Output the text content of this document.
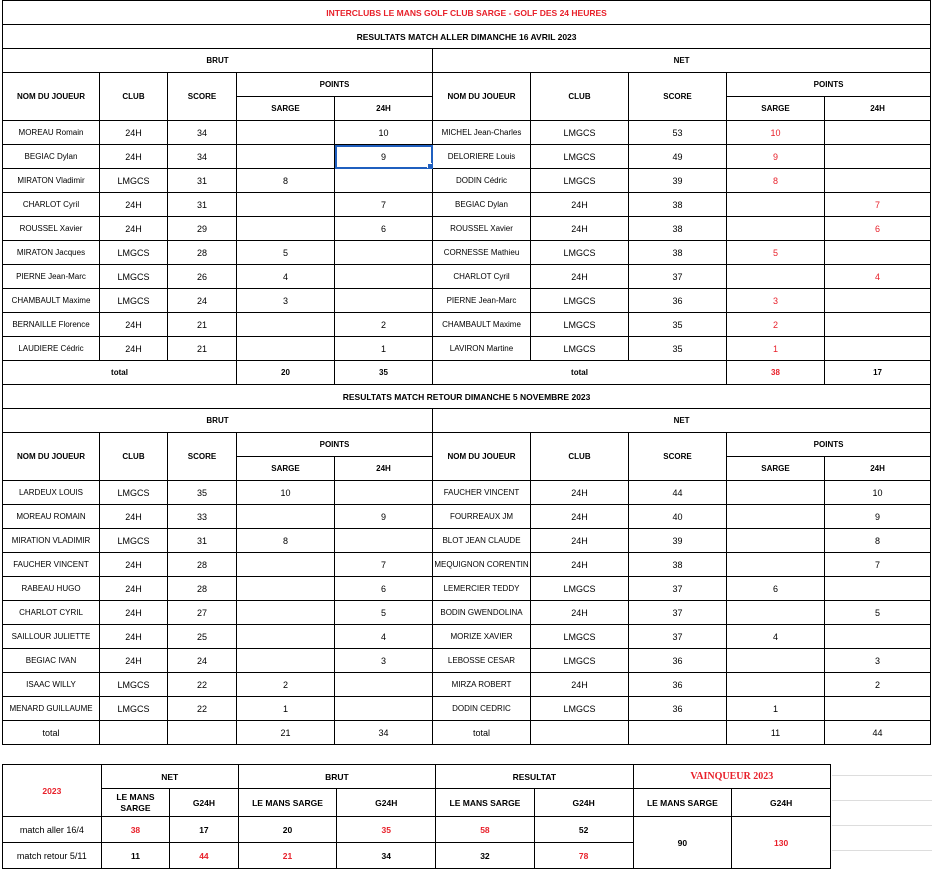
INTERCLUBS LE MANS GOLF CLUB SARGE - GOLF DES 24 HEURES									
RESULTATS MATCH ALLER DIMANCHE 16 AVRIL 2023									
BRUT					NET				
NOM DU JOUEUR	CLUB	SCORE	POINTS		NOM DU JOUEUR	CLUB	SCORE	POINTS	
			SARGE	24H				SARGE	24H
MOREAU Romain	24H	34		10	MICHEL Jean-Charles	LMGCS	53	10	
BEGIAC Dylan	24H	34		9	DELORIERE Louis	LMGCS	49	9	
MIRATON Vladimir	LMGCS	31	8		DODIN Cédric	LMGCS	39	8	
CHARLOT Cyril	24H	31		7	BEGIAC Dylan	24H	38		7
ROUSSEL Xavier	24H	29		6	ROUSSEL Xavier	24H	38		6
MIRATON Jacques	LMGCS	28	5		CORNESSE Mathieu	LMGCS	38	5	
PIERNE Jean-Marc	LMGCS	26	4		CHARLOT Cyril	24H	37		4
CHAMBAULT Maxime	LMGCS	24	3		PIERNE Jean-Marc	LMGCS	36	3	
BERNAILLE Florence	24H	21		2	CHAMBAULT Maxime	LMGCS	35	2	
LAUDIERE Cédric	24H	21		1	LAVIRON Martine	LMGCS	35	1	
total			20	35	total			38	17
RESULTATS MATCH RETOUR DIMANCHE 5 NOVEMBRE 2023									
BRUT					NET				
NOM DU JOUEUR	CLUB	SCORE	POINTS		NOM DU JOUEUR	CLUB	SCORE	POINTS	
			SARGE	24H				SARGE	24H
LARDEUX LOUIS	LMGCS	35	10		FAUCHER VINCENT	24H	44		10
MOREAU ROMAIN	24H	33		9	FOURREAUX JM	24H	40		9
MIRATION VLADIMIR	LMGCS	31	8		BLOT JEAN CLAUDE	24H	39		8
FAUCHER VINCENT	24H	28		7	MEQUIGNON CORENTIN	24H	38		7
RABEAU HUGO	24H	28		6	LEMERCIER TEDDY	LMGCS	37	6	
CHARLOT CYRIL	24H	27		5	BODIN GWENDOLINA	24H	37		5
SAILLOUR JULIETTE	24H	25		4	MORIZE XAVIER	LMGCS	37	4	
BEGIAC IVAN	24H	24		3	LEBOSSE CESAR	LMGCS	36		3
ISAAC WILLY	LMGCS	22	2		MIRZA ROBERT	24H	36		2
MENARD GUILLAUME	LMGCS	22	1		DODIN CEDRIC	LMGCS	36	1	
total			21	34	total			11	44
2023	NET		BRUT		RESULTAT		VAINQUEUR 2023	
	LE MANS SARGE	G24H	LE MANS SARGE	G24H	LE MANS SARGE	G24H	LE MANS SARGE	G24H
match aller 16/4	38	17	20	35	58	52	90	130
match retour 5/11	11	44	21	34	32	78		
